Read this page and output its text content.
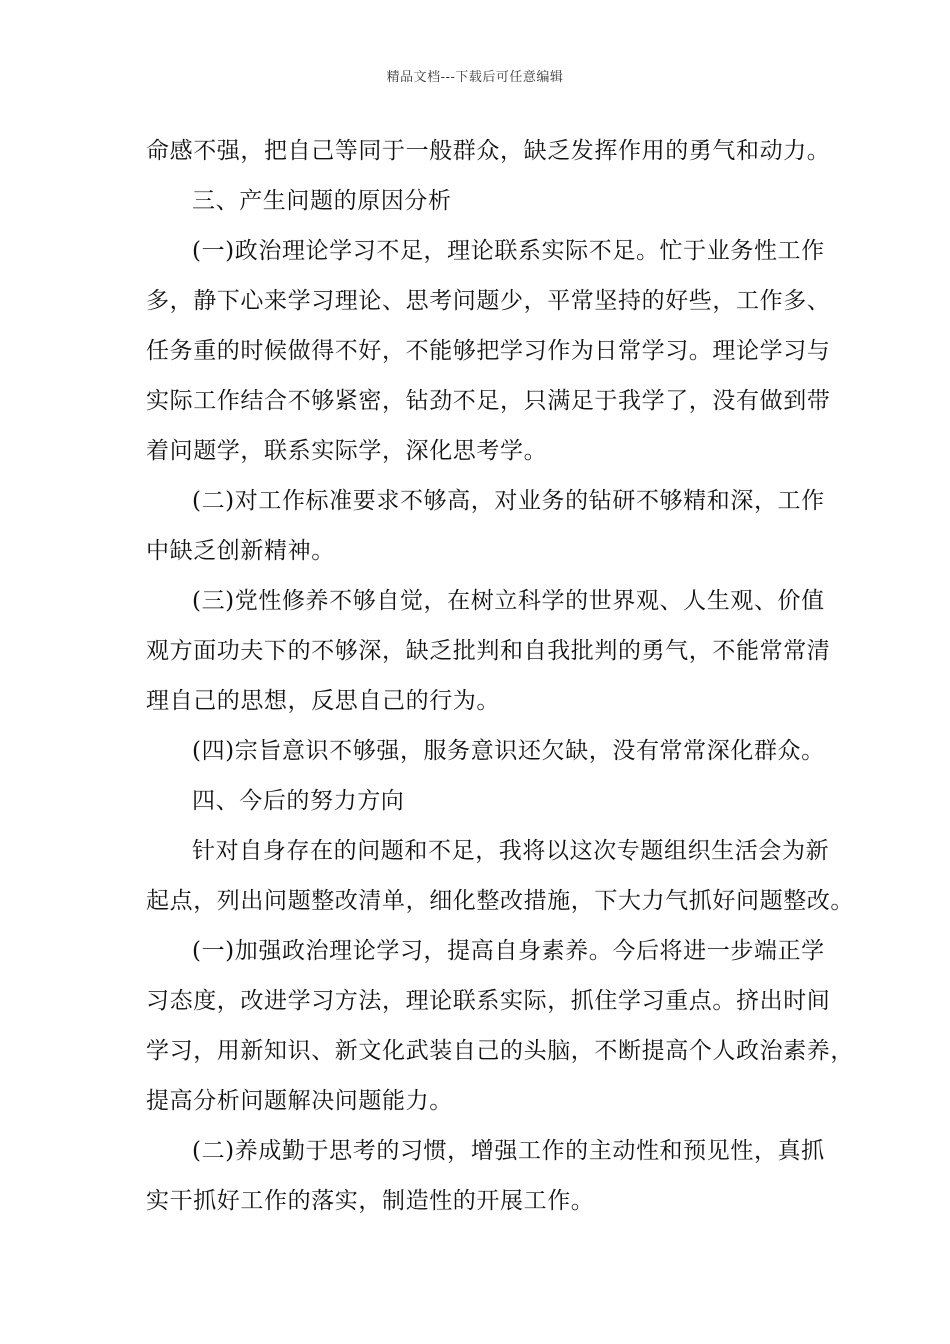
精品文档---下载后可任意编辑
命感不强，把自己等同于一般群众，缺乏发挥作用的勇气和动力。
三、产生问题的原因分析
(一)政治理论学习不足，理论联系实际不足。忙于业务性工作
多，静下心来学习理论、思考问题少，平常坚持的好些，工作多、
任务重的时候做得不好，不能够把学习作为日常学习。理论学习与
实际工作结合不够紧密，钻劲不足，只满足于我学了，没有做到带
着问题学，联系实际学，深化思考学。
(二)对工作标准要求不够高，对业务的钻研不够精和深，工作
中缺乏创新精神。
(三)党性修养不够自觉，在树立科学的世界观、人生观、价值
观方面功夫下的不够深，缺乏批判和自我批判的勇气，不能常常清
理自己的思想，反思自己的行为。
(四)宗旨意识不够强，服务意识还欠缺，没有常常深化群众。
四、今后的努力方向
针对自身存在的问题和不足，我将以这次专题组织生活会为新
起点，列出问题整改清单，细化整改措施，下大力气抓好问题整改。
(一)加强政治理论学习，提高自身素养。今后将进一步端正学
习态度，改进学习方法，理论联系实际，抓住学习重点。挤出时间
学习，用新知识、新文化武装自己的头脑，不断提高个人政治素养，
提高分析问题解决问题能力。
(二)养成勤于思考的习惯，增强工作的主动性和预见性，真抓
实干抓好工作的落实，制造性的开展工作。
